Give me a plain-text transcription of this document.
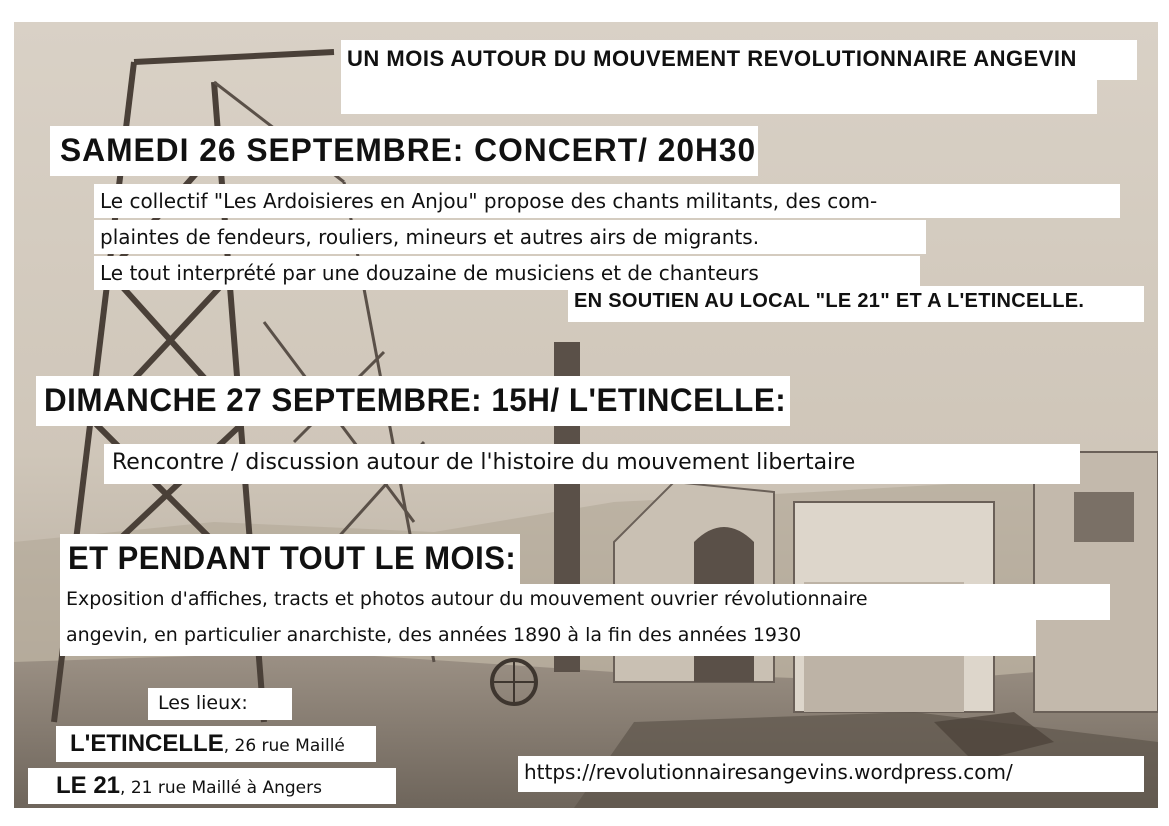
UN MOIS AUTOUR DU MOUVEMENT REVOLUTIONNAIRE ANGEVIN
SAMEDI 26 SEPTEMBRE: CONCERT/ 20H30
Le collectif "Les Ardoisieres en Anjou" propose des chants militants, des com-
plaintes de fendeurs, rouliers, mineurs et autres airs de migrants.
Le tout interprété par une douzaine de musiciens et de chanteurs
EN SOUTIEN AU LOCAL "LE 21" ET A L'ETINCELLE.
DIMANCHE 27 SEPTEMBRE: 15H/ L'ETINCELLE:
Rencontre / discussion autour de l'histoire du mouvement libertaire
ET PENDANT TOUT LE MOIS:
Exposition d'affiches, tracts et photos autour du mouvement ouvrier révolutionnaire
angevin, en particulier anarchiste, des années 1890 à la fin des années 1930
Les lieux:
L'ETINCELLE, 26 rue Maillé
LE 21, 21 rue Maillé à Angers
https://revolutionnairesangevins.wordpress.com/
